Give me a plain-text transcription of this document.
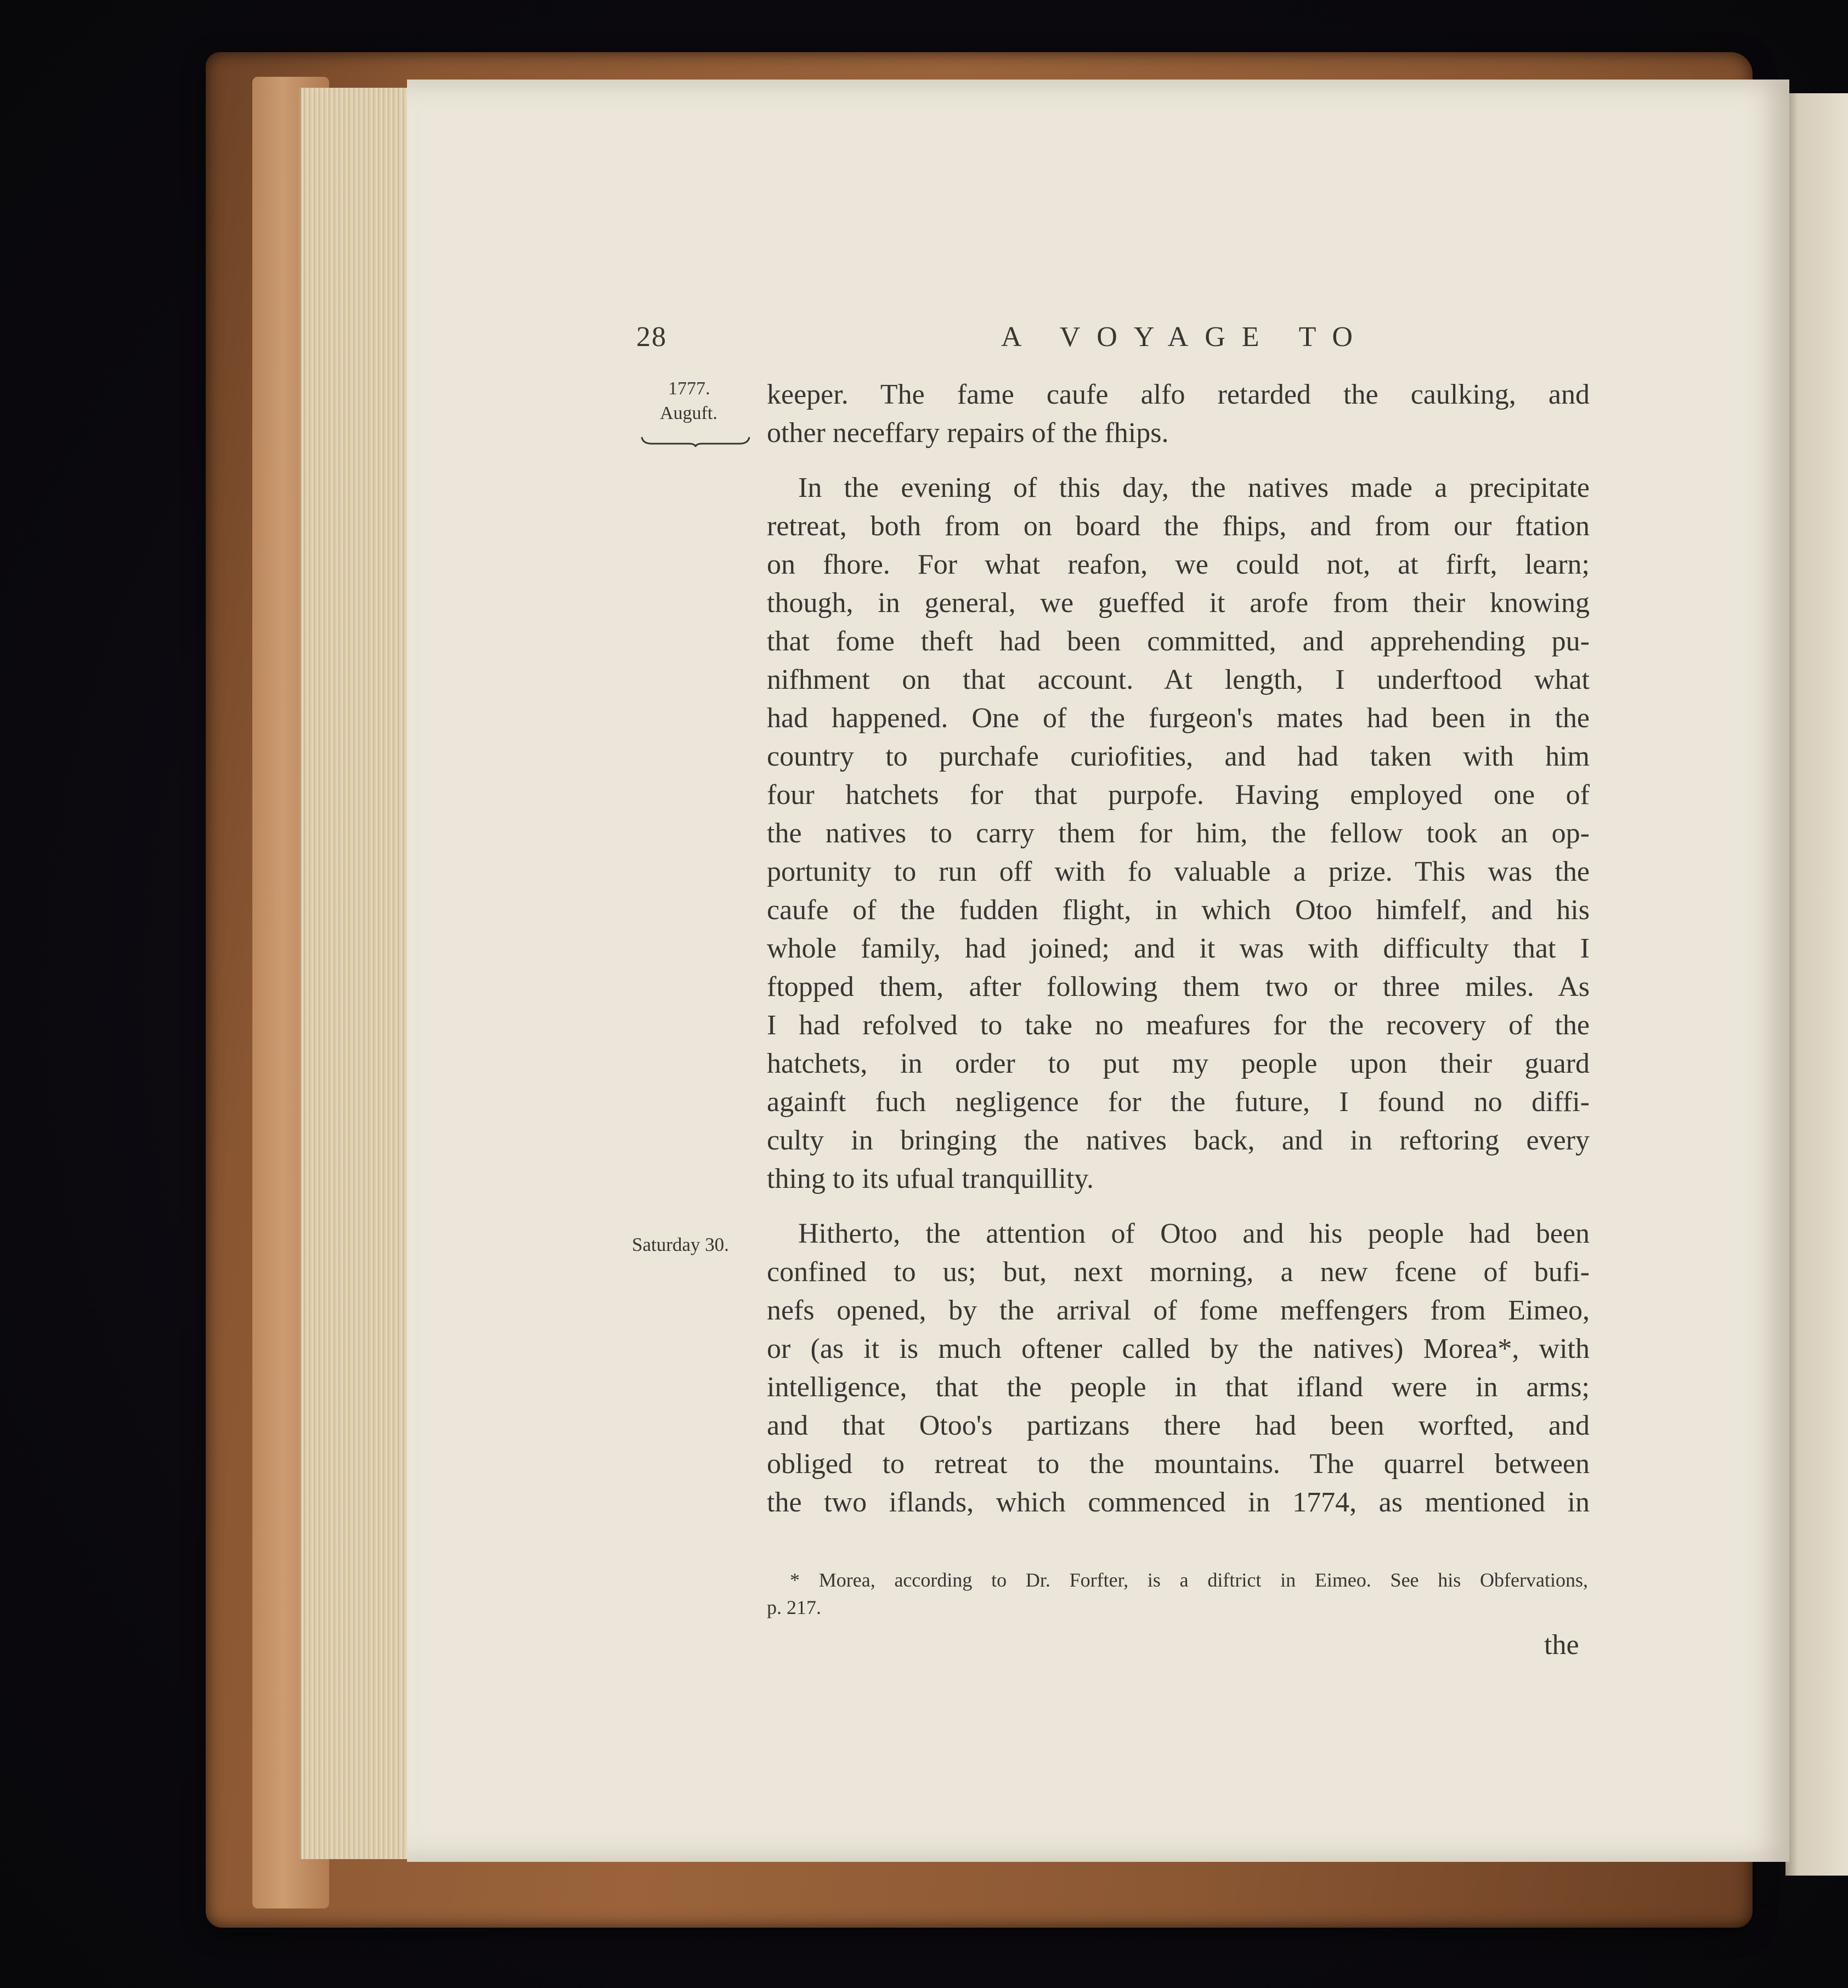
28	A VOYAGE TO
1777.
Auguft.
Saturday 30.
keeper. The fame caufe alfo retarded the caulking, and
other neceffary repairs of the fhips.
In the evening of this day, the natives made a precipitate
retreat, both from on board the fhips, and from our ftation
on fhore. For what reafon, we could not, at firft, learn;
though, in general, we gueffed it arofe from their knowing
that fome theft had been committed, and apprehending pu-
nifhment on that account. At length, I underftood what
had happened. One of the furgeon's mates had been in the
country to purchafe curiofities, and had taken with him
four hatchets for that purpofe. Having employed one of
the natives to carry them for him, the fellow took an op-
portunity to run off with fo valuable a prize. This was the
caufe of the fudden flight, in which Otoo himfelf, and his
whole family, had joined; and it was with difficulty that I
ftopped them, after following them two or three miles. As
I had refolved to take no meafures for the recovery of the
hatchets, in order to put my people upon their guard
againft fuch negligence for the future, I found no diffi-
culty in bringing the natives back, and in reftoring every
thing to its ufual tranquillity.
Hitherto, the attention of Otoo and his people had been
confined to us; but, next morning, a new fcene of bufi-
nefs opened, by the arrival of fome meffengers from Eimeo,
or (as it is much oftener called by the natives) Morea*, with
intelligence, that the people in that ifland were in arms;
and that Otoo's partizans there had been worfted, and
obliged to retreat to the mountains. The quarrel between
the two iflands, which commenced in 1774, as mentioned in
* Morea, according to Dr. Forfter, is a diftrict in Eimeo. See his Obfervations,
p. 217.
the
